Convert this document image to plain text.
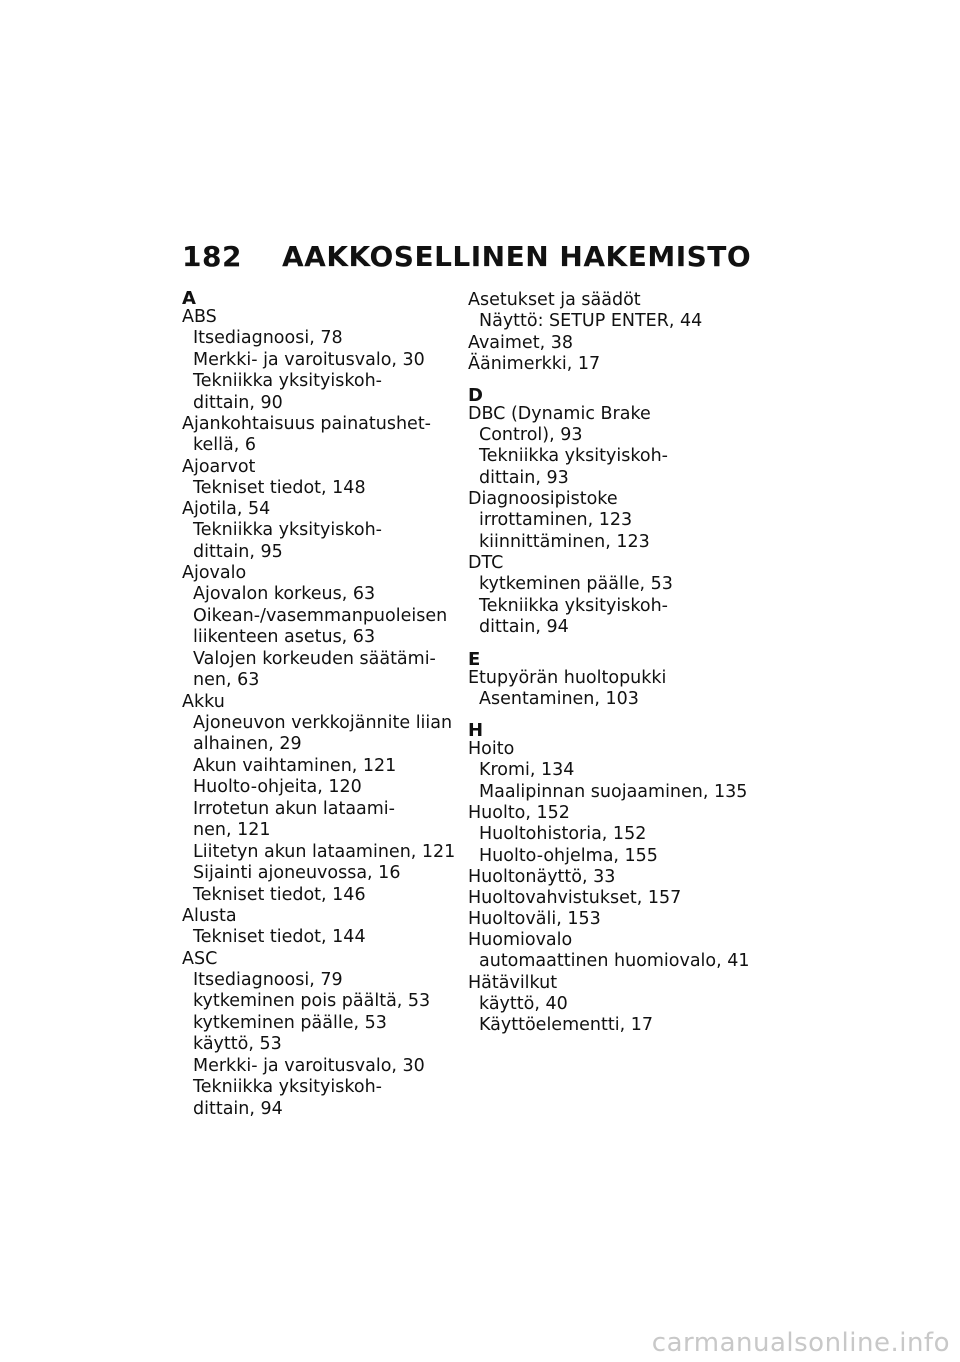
182 AAKKOSELLINEN HAKEMISTO
A
ABS
Itsediagnoosi, 78
Merkki- ja varoitusvalo, 30
Tekniikka yksityiskoh-
dittain, 90
Ajankohtaisuus painatushet-
kellä, 6
Ajoarvot
Tekniset tiedot, 148
Ajotila, 54
Tekniikka yksityiskoh-
dittain, 95
Ajovalo
Ajovalon korkeus, 63
Oikean-/vasemmanpuoleisen
liikenteen asetus, 63
Valojen korkeuden säätämi-
nen, 63
Akku
Ajoneuvon verkkojännite liian
alhainen, 29
Akun vaihtaminen, 121
Huolto-ohjeita, 120
Irrotetun akun lataami-
nen, 121
Liitetyn akun lataaminen, 121
Sijainti ajoneuvossa, 16
Tekniset tiedot, 146
Alusta
Tekniset tiedot, 144
ASC
Itsediagnoosi, 79
kytkeminen pois päältä, 53
kytkeminen päälle, 53
käyttö, 53
Merkki- ja varoitusvalo, 30
Tekniikka yksityiskoh-
dittain, 94
Asetukset ja säädöt
Näyttö: SETUP ENTER, 44
Avaimet, 38
Äänimerkki, 17
D
DBC (Dynamic Brake
Control), 93
Tekniikka yksityiskoh-
dittain, 93
Diagnoosipistoke
irrottaminen, 123
kiinnittäminen, 123
DTC
kytkeminen päälle, 53
Tekniikka yksityiskoh-
dittain, 94
E
Etupyörän huoltopukki
Asentaminen, 103
H
Hoito
Kromi, 134
Maalipinnan suojaaminen, 135
Huolto, 152
Huoltohistoria, 152
Huolto-ohjelma, 155
Huoltonäyttö, 33
Huoltovahvistukset, 157
Huoltoväli, 153
Huomiovalo
automaattinen huomiovalo, 41
Hätävilkut
käyttö, 40
Käyttöelementti, 17
carmanualsonline.info
